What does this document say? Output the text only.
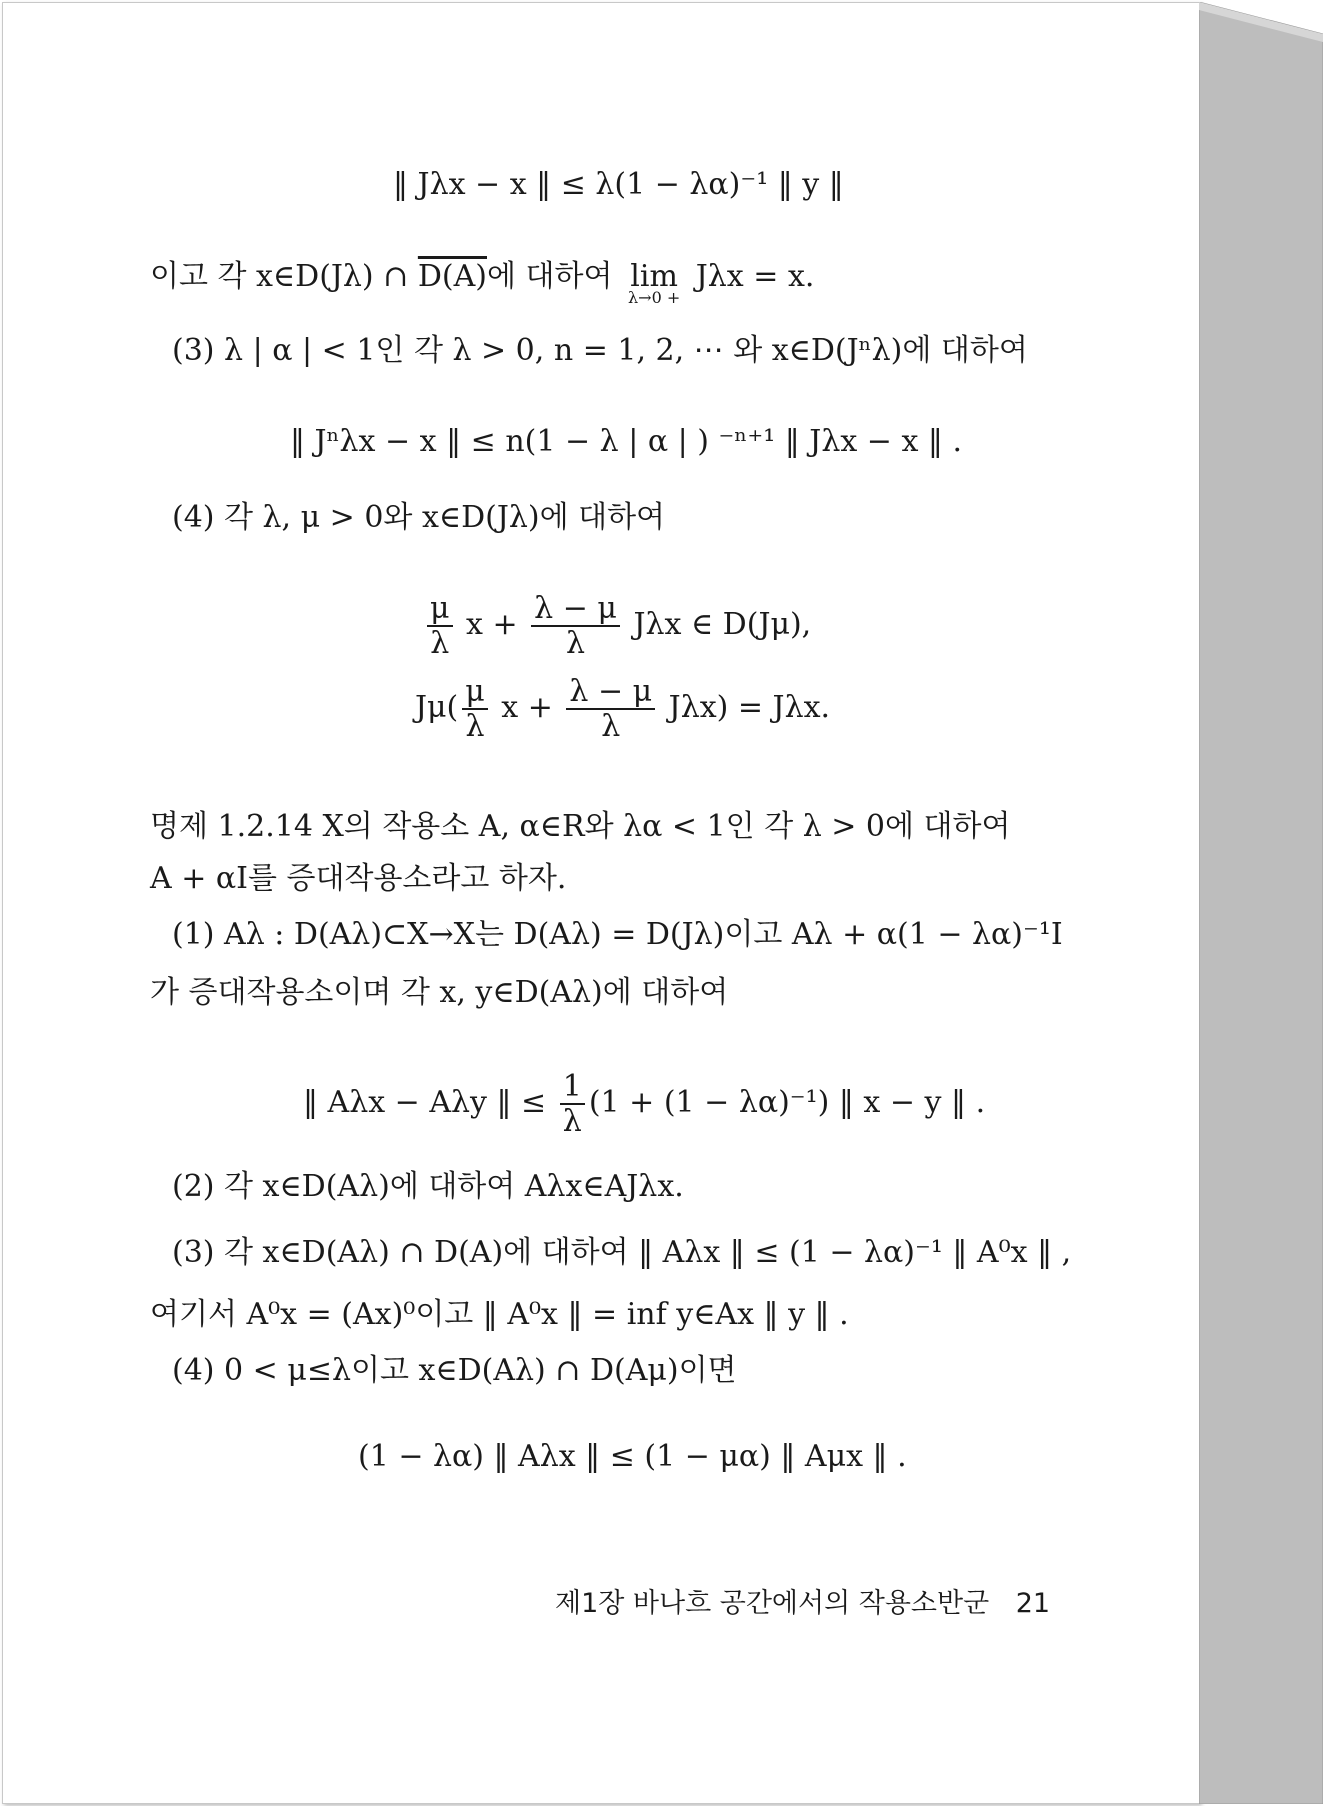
‖ Jλx − x ‖ ≤ λ(1 − λα)⁻¹ ‖ y ‖
이고 각 x∈D(Jλ) ∩ D(A)에 대하여 lim
λ→0 +
Jλx = x.
(3) λ | α | < 1인 각 λ > 0, n = 1, 2, ⋯ 와 x∈D(Jⁿλ)에 대하여
‖ Jⁿλx − x ‖ ≤ n(1 − λ | α | ) ⁻ⁿ⁺¹ ‖ Jλx − x ‖ .
(4) 각 λ, μ > 0와 x∈D(Jλ)에 대하여
$\frac{\mu}{\lambda}$ $x + \frac{\lambda - \mu}{\lambda}$ Jλx ∈ D(Jμ),
$J\mu( \frac{\mu}{\lambda}$ $x + \frac{\lambda - \mu}{\lambda} J\lambda x) = J\lambda x$.
명제 1.2.14 X의 작용소 A, α∈R와 λα < 1인 각 λ > 0에 대하여
A + αI를 증대작용소라고 하자.
(1) Aλ : D(Aλ)⊂X→X는 D(Aλ) = D(Jλ)이고 Aλ + α(1 − λα)⁻¹I
가 증대작용소이며 각 x, y∈D(Aλ)에 대하여
‖ Aλx − Aλy ‖ ≤ $\frac{1}{\lambda} (1 + (1 - \lambda\alpha)^{-1})$ ‖ x − y ‖ .
(2) 각 x∈D(Aλ)에 대하여 Aλx∈AJλx.
(3) 각 x∈D(Aλ) ∩ D(A)에 대하여 ‖ Aλx ‖ ≤ (1 − λα)⁻¹ ‖ A⁰x ‖ ,
여기서 A⁰x = (Ax)⁰이고 ‖ A⁰x ‖ = inf y∈Ax ‖ y ‖ .
(4) 0 < μ≤λ이고 x∈D(Aλ) ∩ D(Aμ)이면
(1 − λα) ‖ Aλx ‖ ≤ (1 − μα) ‖ Aμx ‖ .
제1장 바나흐 공간에서의 작용소반군 21
